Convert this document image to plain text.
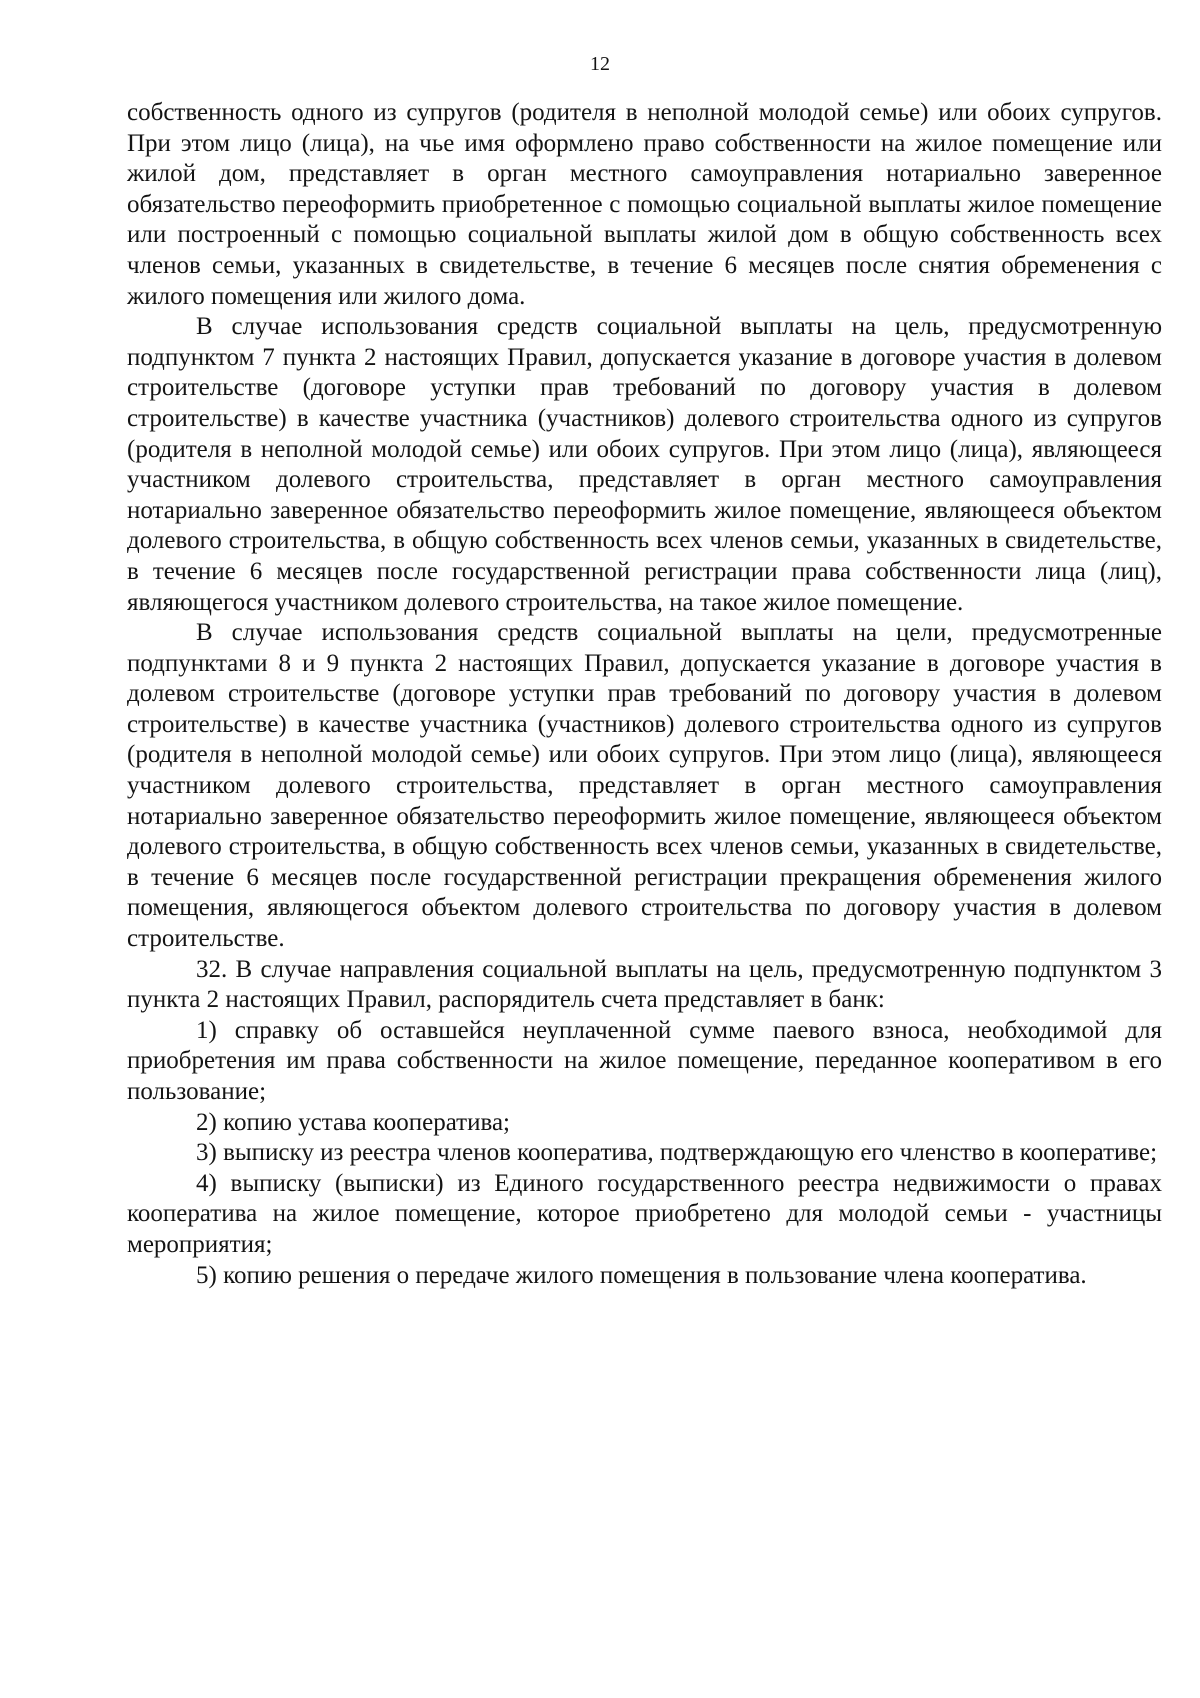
12

собственность одного из супругов (родителя в неполной молодой семье) или обоих супругов. При этом лицо (лица), на чье имя оформлено право собственности на жилое помещение или жилой дом, представляет в орган местного самоуправления нотариально заверенное обязательство переоформить приобретенное с помощью социальной выплаты жилое помещение или построенный с помощью социальной выплаты жилой дом в общую собственность всех членов семьи, указанных в свидетельстве, в течение 6 месяцев после снятия обременения с жилого помещения или жилого дома.

В случае использования средств социальной выплаты на цель, предусмотренную подпунктом 7 пункта 2 настоящих Правил, допускается указание в договоре участия в долевом строительстве (договоре уступки прав требований по договору участия в долевом строительстве) в качестве участника (участников) долевого строительства одного из супругов (родителя в неполной молодой семье) или обоих супругов. При этом лицо (лица), являющееся участником долевого строительства, представляет в орган местного самоуправления нотариально заверенное обязательство переоформить жилое помещение, являющееся объектом долевого строительства, в общую собственность всех членов семьи, указанных в свидетельстве, в течение 6 месяцев после государственной регистрации права собственности лица (лиц), являющегося участником долевого строительства, на такое жилое помещение.

В случае использования средств социальной выплаты на цели, предусмотренные подпунктами 8 и 9 пункта 2 настоящих Правил, допускается указание в договоре участия в долевом строительстве (договоре уступки прав требований по договору участия в долевом строительстве) в качестве участника (участников) долевого строительства одного из супругов (родителя в неполной молодой семье) или обоих супругов. При этом лицо (лица), являющееся участником долевого строительства, представляет в орган местного самоуправления нотариально заверенное обязательство переоформить жилое помещение, являющееся объектом долевого строительства, в общую собственность всех членов семьи, указанных в свидетельстве, в течение 6 месяцев после государственной регистрации прекращения обременения жилого помещения, являющегося объектом долевого строительства по договору участия в долевом строительстве.

32. В случае направления социальной выплаты на цель, предусмотренную подпунктом 3 пункта 2 настоящих Правил, распорядитель счета представляет в банк:

1) справку об оставшейся неуплаченной сумме паевого взноса, необходимой для приобретения им права собственности на жилое помещение, переданное кооперативом в его пользование;

2) копию устава кооператива;

3) выписку из реестра членов кооператива, подтверждающую его членство в кооперативе;

4) выписку (выписки) из Единого государственного реестра недвижимости о правах кооператива на жилое помещение, которое приобретено для молодой семьи - участницы мероприятия;

5) копию решения о передаче жилого помещения в пользование члена кооператива.
